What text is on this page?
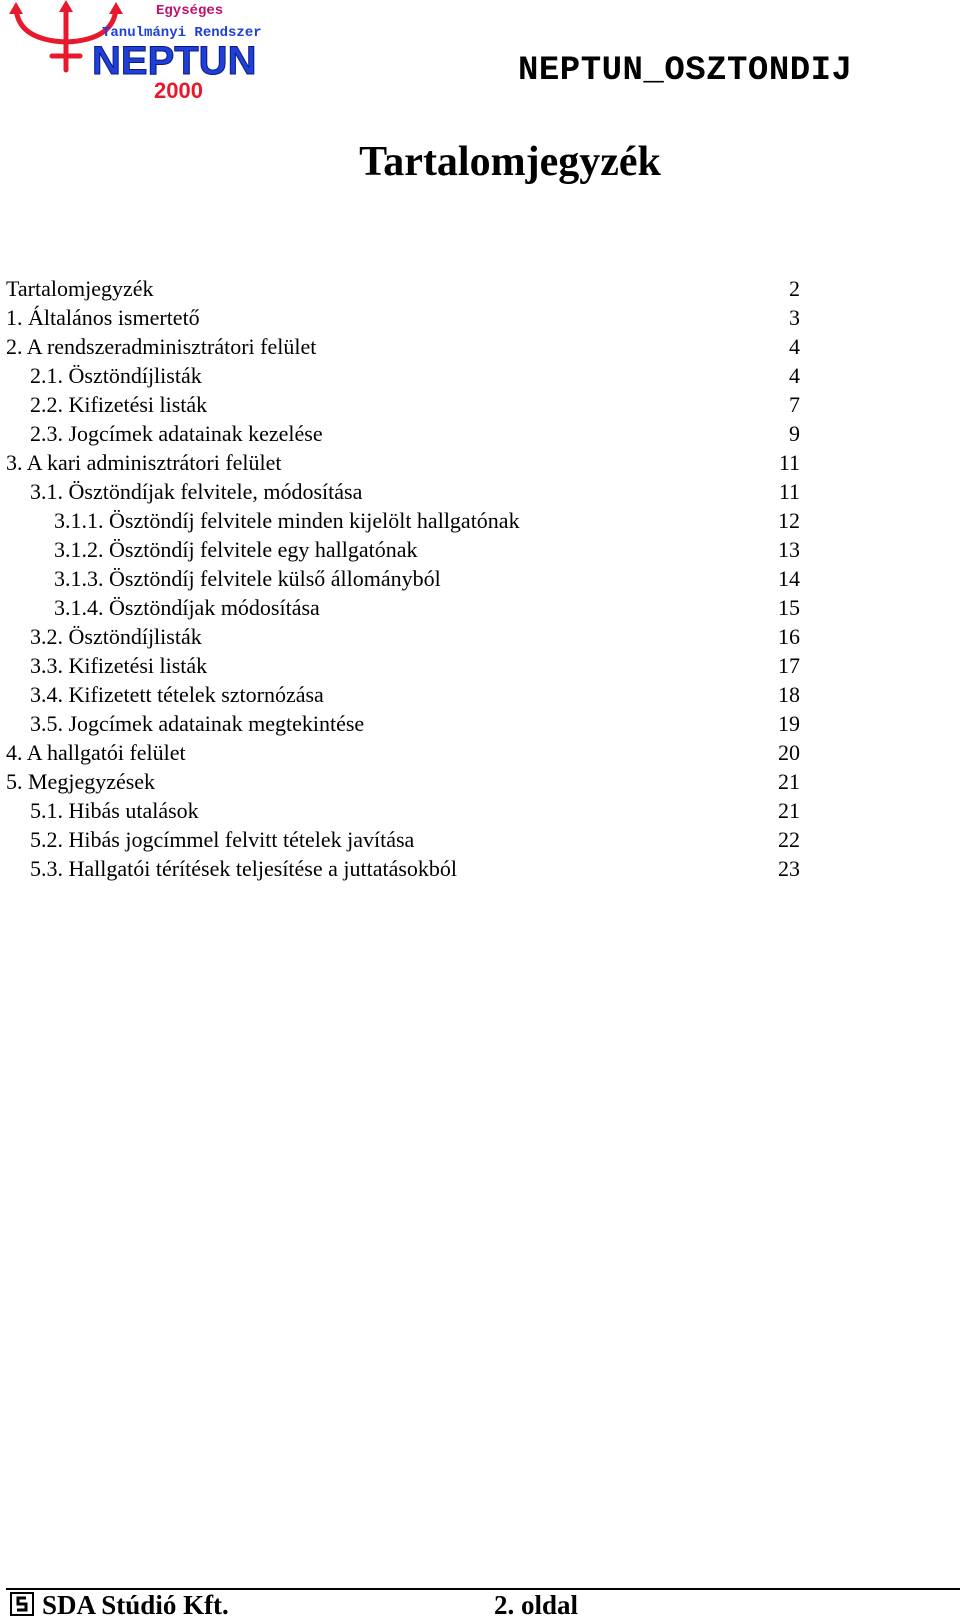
Egységes
Tanulmányi Rendszer
NEPTUN
2000
NEPTUN_OSZTONDIJ
Tartalomjegyzék
Tartalomjegyzék	2
1. Általános ismertető	3
2. A rendszeradminisztrátori felület	4
2.1. Ösztöndíjlisták	4
2.2. Kifizetési listák	7
2.3. Jogcímek adatainak kezelése	9
3. A kari adminisztrátori felület	11
3.1. Ösztöndíjak felvitele, módosítása	11
3.1.1. Ösztöndíj felvitele minden kijelölt hallgatónak	12
3.1.2. Ösztöndíj felvitele egy hallgatónak	13
3.1.3. Ösztöndíj felvitele külső állományból	14
3.1.4. Ösztöndíjak módosítása	15
3.2. Ösztöndíjlisták	16
3.3. Kifizetési listák	17
3.4. Kifizetett tételek sztornózása	18
3.5. Jogcímek adatainak megtekintése	19
4. A hallgatói felület	20
5. Megjegyzések	21
5.1. Hibás utalások	21
5.2. Hibás jogcímmel felvitt tételek javítása	22
5.3. Hallgatói térítések teljesítése a juttatásokból	23
SDA Stúdió Kft.	2. oldal
